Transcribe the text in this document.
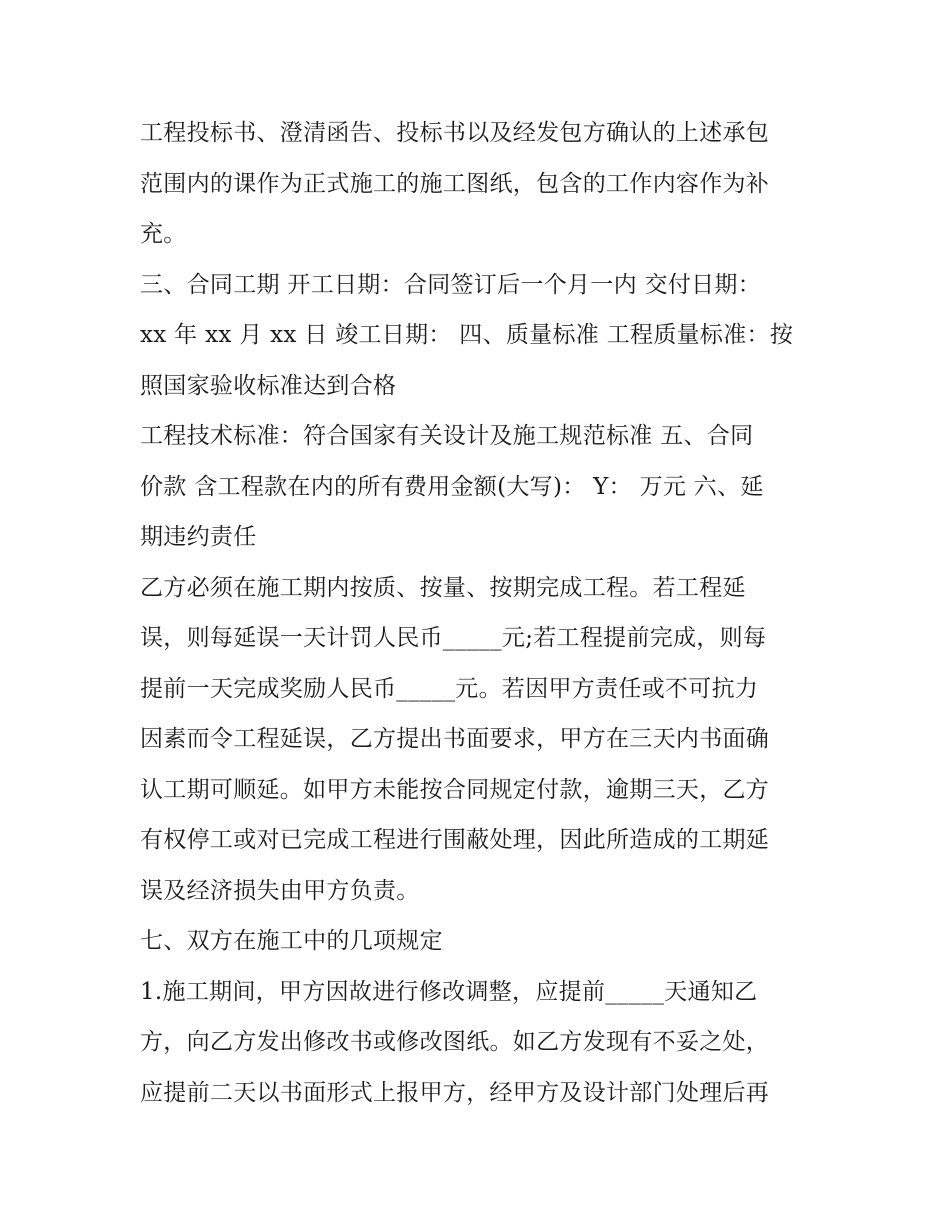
工程投标书、澄清函告、投标书以及经发包方确认的上述承包
范围内的课作为正式施工的施工图纸，包含的工作内容作为补
充。
三、合同工期 开工日期：合同签订后一个月一内 交付日期：
xx 年 xx 月 xx 日 竣工日期： 四、质量标准 工程质量标准：按
照国家验收标准达到合格
工程技术标准：符合国家有关设计及施工规范标准 五、合同
价款 含工程款在内的所有费用金额(大写)： Y： 万元 六、延
期违约责任
乙方必须在施工期内按质、按量、按期完成工程。若工程延
误，则每延误一天计罚人民币_____元;若工程提前完成，则每
提前一天完成奖励人民币_____元。若因甲方责任或不可抗力
因素而令工程延误，乙方提出书面要求，甲方在三天内书面确
认工期可顺延。如甲方未能按合同规定付款，逾期三天，乙方
有权停工或对已完成工程进行围蔽处理，因此所造成的工期延
误及经济损失由甲方负责。
七、双方在施工中的几项规定
1.施工期间，甲方因故进行修改调整，应提前_____天通知乙
方，向乙方发出修改书或修改图纸。如乙方发现有不妥之处，
应提前二天以书面形式上报甲方，经甲方及设计部门处理后再
